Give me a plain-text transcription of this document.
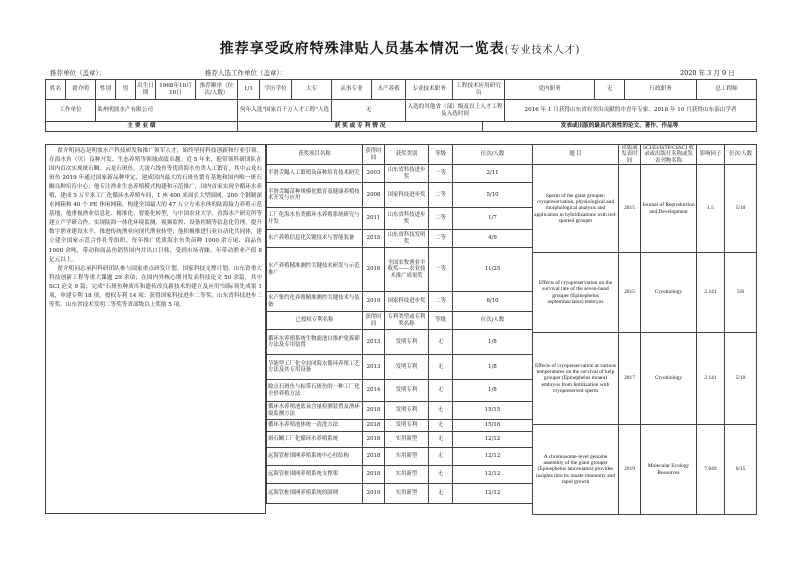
推荐享受政府特殊津贴人员基本情况一览表(专业技术人才)
推荐单位（盖章）：	推荐人选工作单位（盖章）：	2020 年 3 月 9 日
姓名	翟介明	性别	男	出生日期	1968年10月10日	推荐顺序（位次/人数）	1/1	学历学位	大专	从事专业	水产养殖	专业技术职务	工程技术应用研究员		党内职务	无	行政职务	总工程师
工作单位		莱州明波水产有限公司					何年入选"国家百千万人才工程"人选			无		入选的其他省（部）级及以上人才工程及入选时间			2016 年 1 月获得山东省有突出贡献的中青年专家、2018 年 10 月获得山东泰山学者			
主 要 业 绩							获 奖 或 专 利 情 况							发表或出版的最具代表性的论文、著作、作品等				

翟介明同志是明波水产科技研发和推广领军人才，始终坚持科技创新和行业引领，在海水鱼（贝）良种开发、生态养殖等领域成绩卓越。近 5 年来，他带领科研团队在国内首次实现斑石鲷、云龙石斑鱼、大泷六线鱼等优质海水鱼类人工繁育，其中云龙石斑鱼 2019 年通过国家新品种审定，建成国内最大的石斑鱼繁育基地和国内唯一斑石鲷良种培育中心；他专注渔业生态养殖模式构建和示范推广，国内首家实现全循环水养殖，建成 5 万平米工厂化循环水养殖车间，1 座 400 米周长大型围网、200 个钢制深水网箱和 40 个 PE 休闲网箱，构建全国最大的 47 万立方米水体的陆海接力养殖示范基地，他重视渔业信息化、精准化、智能化转型，与中国农业大学、青海水产研究所等建立产学研合作，实现陆海一体化环境监测、视频监控、设备控制等信息化管理，提升数字渔业建设水平，推进传统渔业向现代渔业转型；他积极推进行业自动化共同体，建立建全国家示范合作社等组织，每年推广优质海水鱼类苗种 1000 余万尾、商品鱼 1000 余吨，带动和商品鱼销售国内并出口日韩，受到市场青睐，年带动渔业产值 8 亿元以上。

翟介明同志承担科研团队参与国家重点研发计划、国家科技支撑计划、山东省重大科技创新工程等重大课题 29 余项；在国内外核心期刊发表科技论文 50 余篇，其中 SCI 论文 9 篇；完成"石斑鱼种质库和遗传改良新技术的建立及应用"国际领先成果 1 项，审建专利 18 项，授权专利 14 项；获得国家科技进步二等奖、山东省科技进步二等奖、山东省技术发明二等奖等省部级以上奖励 5 项。

获奖项目名称	获得时间	获奖类别	等级	位次/人数
半滑舌鳎人工繁殖及苗种培育技术研究	2003	山东省科技进步奖	一等	2/11
半滑舌鳎苗种规模化繁育及健康养殖技术开发与应用	2008	国家科技进步奖	二等	5/10
工厂化海水鱼类循环水养殖系统研究与开发	2011	山东省科技进步奖	二等	1/7
水产养殖信息化关键技术与智能装备	2015	山东省科技发明奖	二等	4/9
水产养殖精准测控关键技术研发与示范推广	2016	全国农牧渔业丰收奖——农业技术推广成果奖	一等	11/25
水产集约化养殖精准测控关键技术与装备	2019	国家科技进步奖	二等	8/10
已授权专利名称	获得时间	专利类型或专利奖名称	等级	位次/人数
循环水养殖系统生物滤池自推护免拆卸方法及专用装置	2013	发明专利	无	1/8
节能型工厂化全封闭海水循环养殖工艺方法及其专用设备	2013	发明专利	无	1/8
鲶点石斑鱼与棕带石斑鱼的一种工厂化全价养殖方法	2014	发明专利	无	1/8
循环水养殖池底氧含量检测装置及渔环境监测方法	2018	发明专利	无	15/15
循环水养殖池体统一清洗方法	2018	发明专利	无	15/16
斑石鲷工厂化循环水养殖系统	2018	实用新型	无	12/12
远海管桩围网养殖系统中心柱结构	2018	实用新型	无	12/12
远海管桩围网养殖系统支撑架	2018	实用新型	无	12/12
远海管桩围网养殖系统的围网	2019	实用新型	无	12/12
题 目	出版或发表时间	SCI/EI/ISTP/CSSCI 收录或出版社名称或发表刊物名称	影响因子	位次/人数
Sperm of the giant grouper: cryopreservation, physiological and morphological analysis and application in hybridizations with red-spotted grouper	2015	Journal of Reproduction and Development	1.5	5/10
Effects of cryopreservation on the survival rate of the seven-band grouper (Epinephelus septemfasciatus) embryos	2015	Cryobiology	2.141	5/8
Effects of cryopreservation at various temperatures on the survival of kelp grouper (Epinephelus moara) embryos from fertilization with cryopreserved sperm	2017	Cryobiology	2.141	5/10
A chromosome-level genome assembly of the giant grouper (Epinephelus lanceolatus) provides insights into its innate immunity and rapid growth	2019	Molecular Ecology Resources	7.049	6/15
